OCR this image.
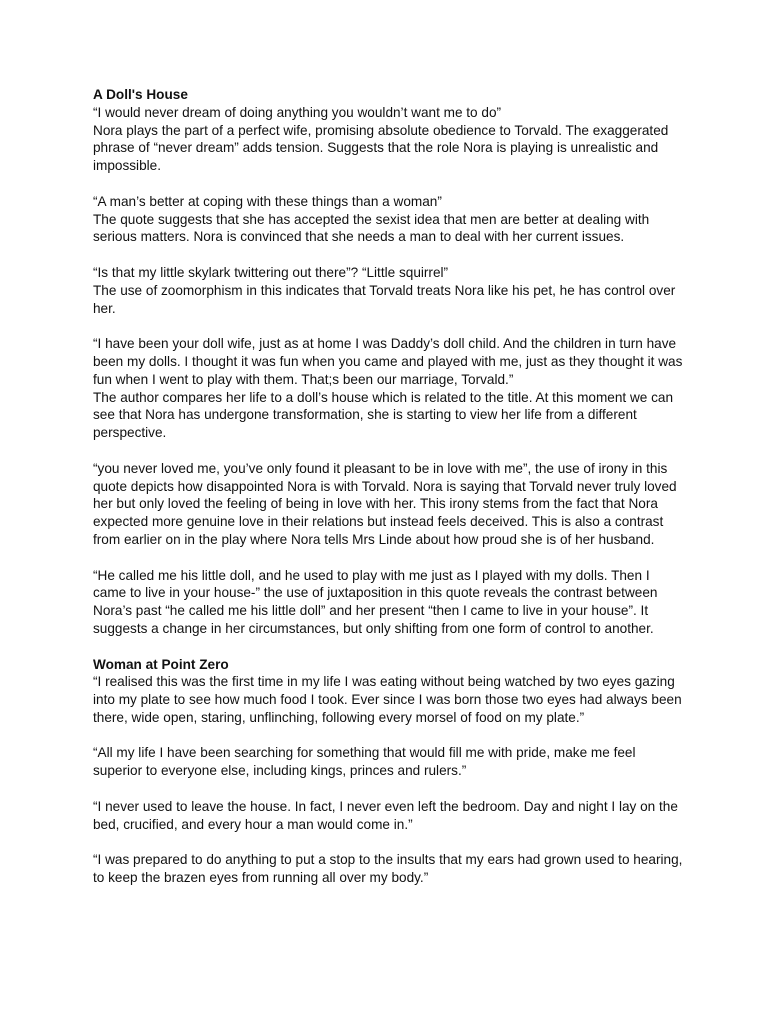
A Doll's House

“I would never dream of doing anything you wouldn’t want me to do”

Nora plays the part of a perfect wife, promising absolute obedience to Torvald. The exaggerated phrase of “never dream” adds tension. Suggests that the role Nora is playing is unrealistic and impossible.

“A man’s better at coping with these things than a woman”

The quote suggests that she has accepted the sexist idea that men are better at dealing with serious matters. Nora is convinced that she needs a man to deal with her current issues.

“Is that my little skylark twittering out there”? “Little squirrel”

The use of zoomorphism in this indicates that Torvald treats Nora like his pet, he has control over her.

“I have been your doll wife, just as at home I was Daddy’s doll child. And the children in turn have been my dolls. I thought it was fun when you came and played with me, just as they thought it was fun when I went to play with them. That;s been our marriage, Torvald.”

The author compares her life to a doll’s house which is related to the title. At this moment we can see that Nora has undergone transformation, she is starting to view her life from a different perspective.

“you never loved me, you’ve only found it pleasant to be in love with me”, the use of irony in this quote depicts how disappointed Nora is with Torvald. Nora is saying that Torvald never truly loved her but only loved the feeling of being in love with her. This irony stems from the fact that Nora expected more genuine love in their relations but instead feels deceived. This is also a contrast from earlier on in the play where Nora tells Mrs Linde about how proud she is of her husband.

“He called me his little doll, and he used to play with me just as I played with my dolls. Then I came to live in your house-” the use of juxtaposition in this quote reveals the contrast between Nora’s past “he called me his little doll” and her present “then I came to live in your house”. It suggests a change in her circumstances, but only shifting from one form of control to another.

Woman at Point Zero

“I realised this was the first time in my life I was eating without being watched by two eyes gazing into my plate to see how much food I took. Ever since I was born those two eyes had always been there, wide open, staring, unflinching, following every morsel of food on my plate.”

“All my life I have been searching for something that would fill me with pride, make me feel superior to everyone else, including kings, princes and rulers.”

“I never used to leave the house. In fact, I never even left the bedroom. Day and night I lay on the bed, crucified, and every hour a man would come in.”

“I was prepared to do anything to put a stop to the insults that my ears had grown used to hearing, to keep the brazen eyes from running all over my body.”
